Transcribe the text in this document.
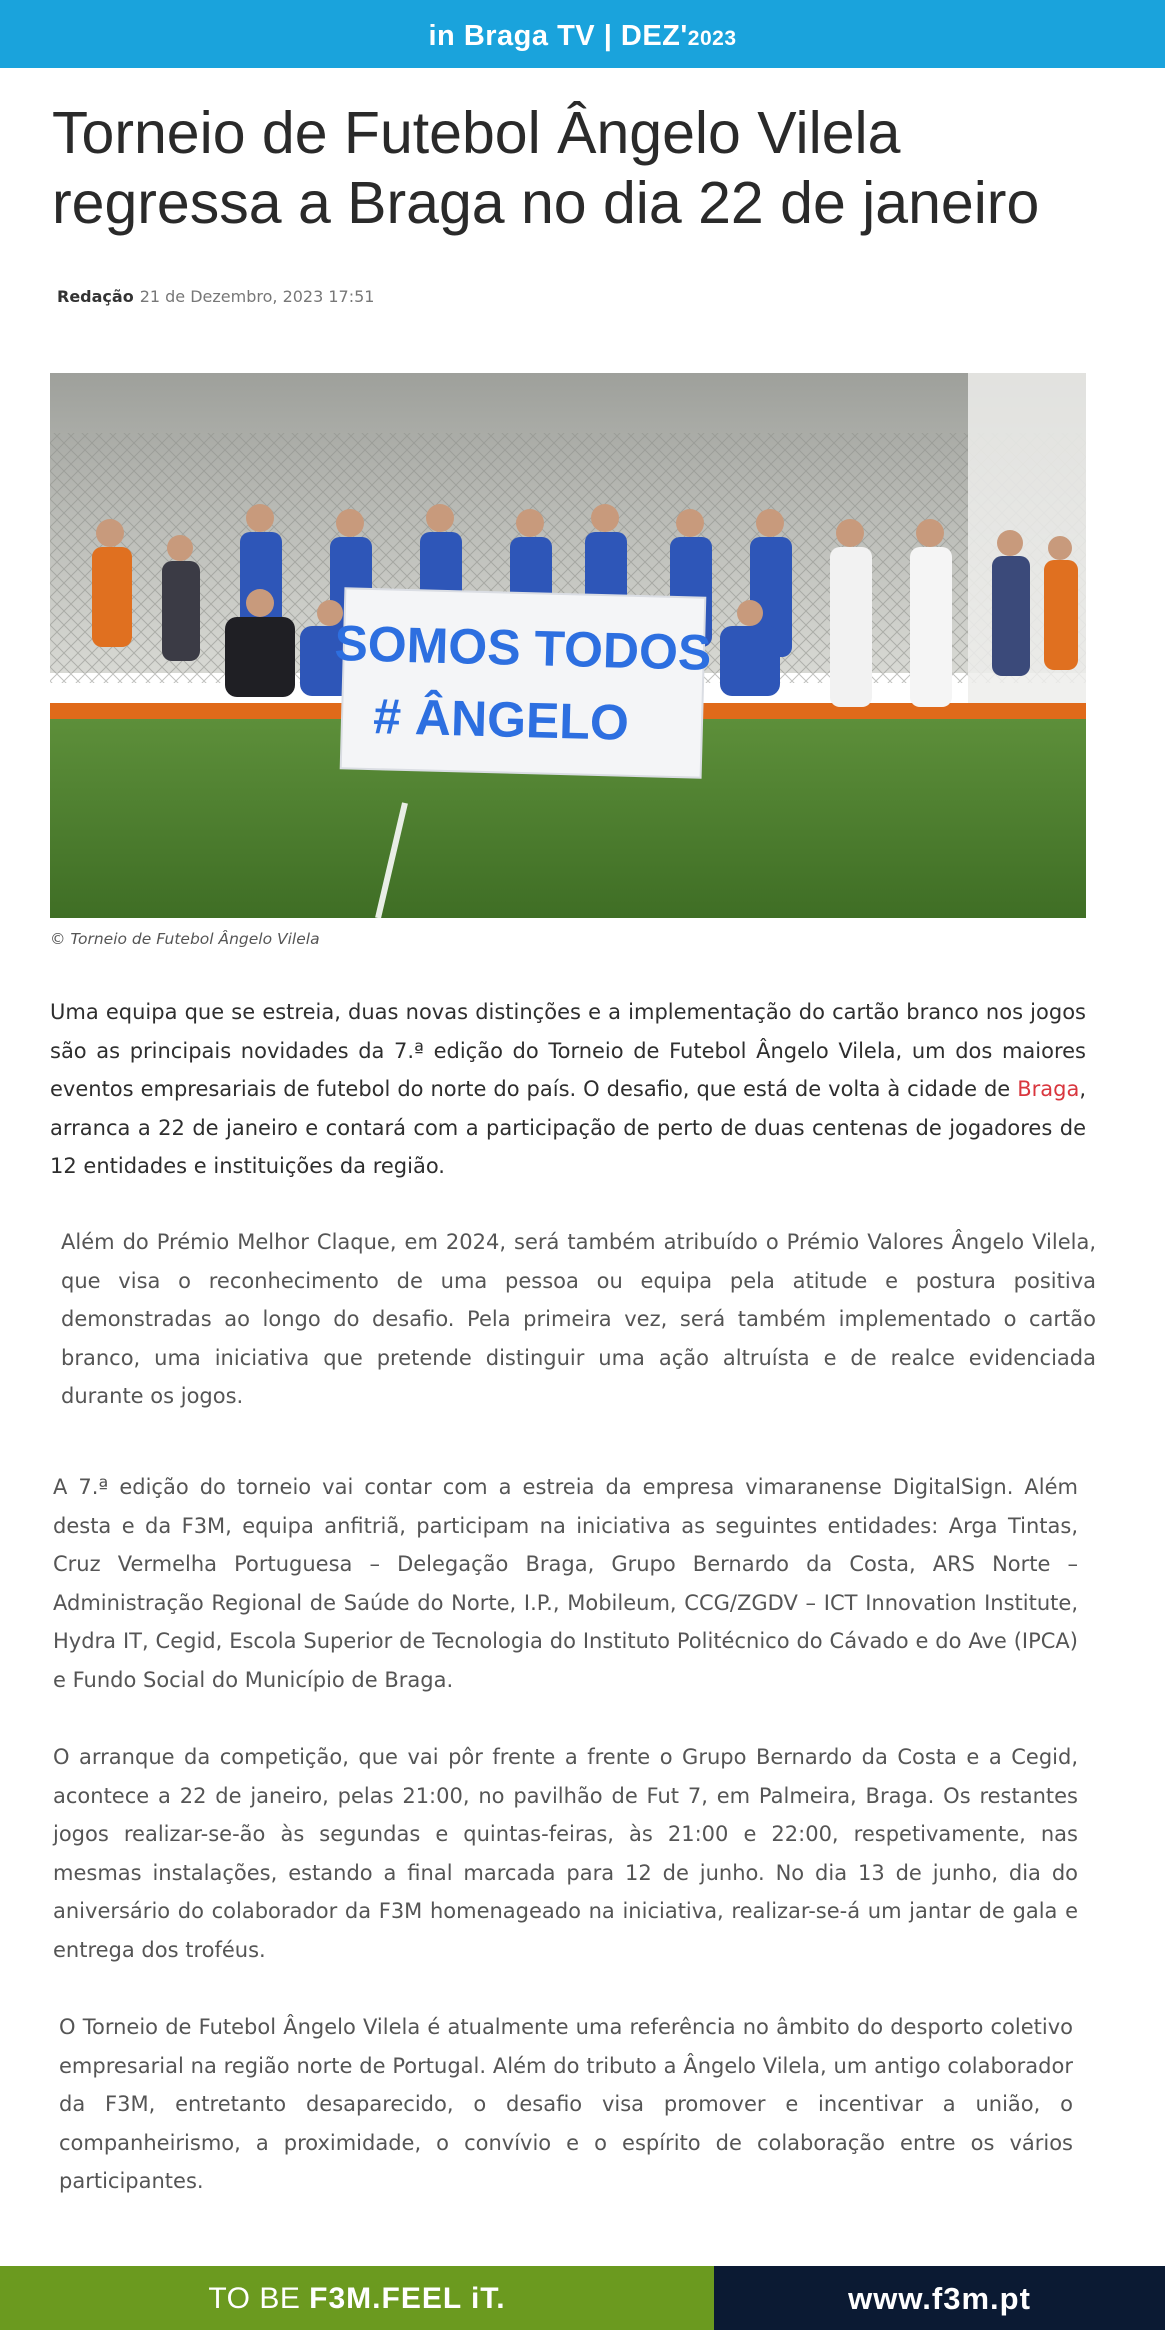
in Braga TV | DEZ'2023
Torneio de Futebol Ângelo Vilela regressa a Braga no dia 22 de janeiro
Redação 21 de Dezembro, 2023 17:51
SOMOS TODOS
# ÂNGELO
© Torneio de Futebol Ângelo Vilela

Uma equipa que se estreia, duas novas distinções e a implementação do cartão branco nos jogos são as principais novidades da 7.ª edição do Torneio de Futebol Ângelo Vilela, um dos maiores eventos empresariais de futebol do norte do país. O desafio, que está de volta à cidade de Braga, arranca a 22 de janeiro e contará com a participação de perto de duas centenas de jogadores de 12 entidades e instituições da região.

Além do Prémio Melhor Claque, em 2024, será também atribuído o Prémio Valores Ângelo Vilela, que visa o reconhecimento de uma pessoa ou equipa pela atitude e postura positiva demonstradas ao longo do desafio. Pela primeira vez, será também implementado o cartão branco, uma iniciativa que pretende distinguir uma ação altruísta e de realce evidenciada durante os jogos.

A 7.ª edição do torneio vai contar com a estreia da empresa vimaranense DigitalSign. Além desta e da F3M, equipa anfitriã, participam na iniciativa as seguintes entidades: Arga Tintas, Cruz Vermelha Portuguesa – Delegação Braga, Grupo Bernardo da Costa, ARS Norte – Administração Regional de Saúde do Norte, I.P., Mobileum, CCG/ZGDV – ICT Innovation Institute, Hydra IT, Cegid, Escola Superior de Tecnologia do Instituto Politécnico do Cávado e do Ave (IPCA) e Fundo Social do Município de Braga.

O arranque da competição, que vai pôr frente a frente o Grupo Bernardo da Costa e a Cegid, acontece a 22 de janeiro, pelas 21:00, no pavilhão de Fut 7, em Palmeira, Braga. Os restantes jogos realizar-se-ão às segundas e quintas-feiras, às 21:00 e 22:00, respetivamente, nas mesmas instalações, estando a final marcada para 12 de junho. No dia 13 de junho, dia do aniversário do colaborador da F3M homenageado na iniciativa, realizar-se-á um jantar de gala e entrega dos troféus.

O Torneio de Futebol Ângelo Vilela é atualmente uma referência no âmbito do desporto coletivo empresarial na região norte de Portugal. Além do tributo a Ângelo Vilela, um antigo colaborador da F3M, entretanto desaparecido, o desafio visa promover e incentivar a união, o companheirismo, a proximidade, o convívio e o espírito de colaboração entre os vários participantes.

TO BE F3M.FEEL iT.	www.f3m.pt
